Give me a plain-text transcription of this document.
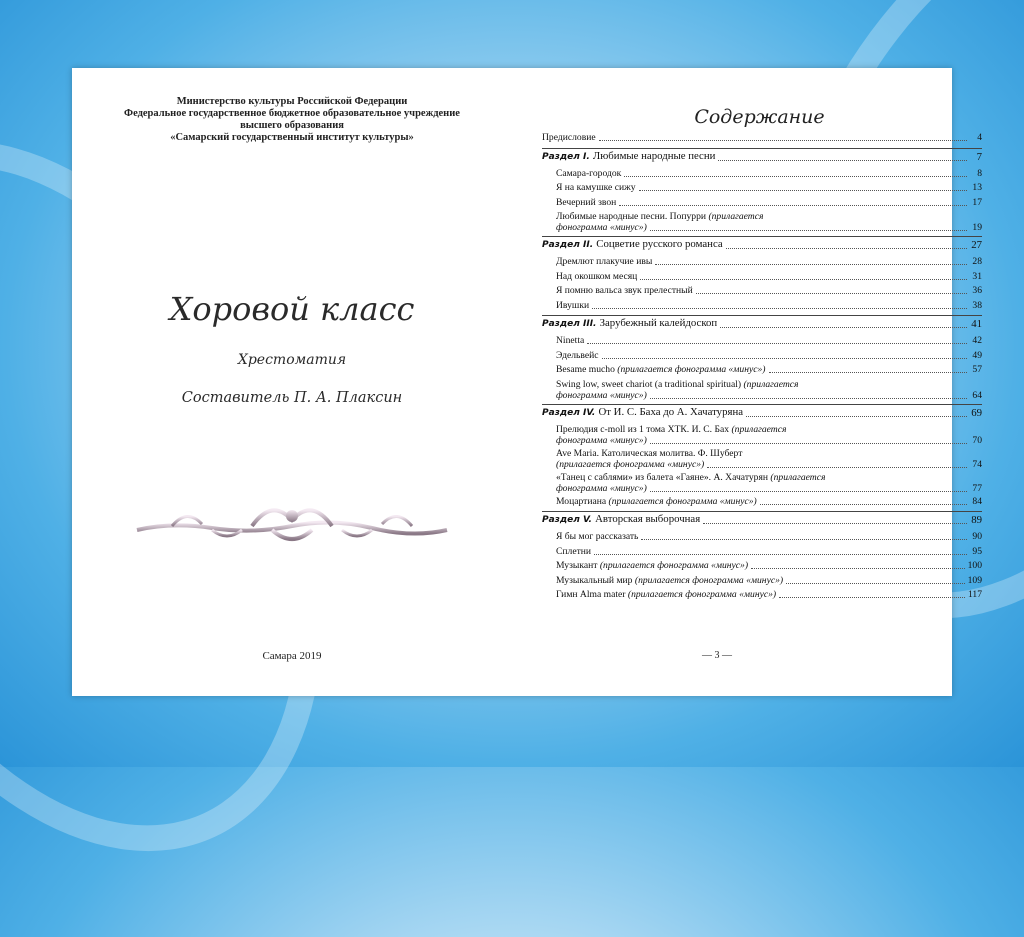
Министерство культуры Российской Федерации
Федеральное государственное бюджетное образовательное учреждение
высшего образования
«Самарский государственный институт культуры»
Хоровой класс
Хрестоматия
Составитель П. А. Плаксин
Самара 2019
Содержание
Предисловие	4
Раздел I. Любимые народные песни	7
Самара-городок	8
Я на камушке сижу	13
Вечерний звон	17
Любимые народные песни. Попурри (прилагается
фонограмма «минус»)	19
Раздел II. Соцветие русского романса	27
Дремлют плакучие ивы	28
Над окошком месяц	31
Я помню вальса звук прелестный	36
Ивушки	38
Раздел III. Зарубежный калейдоскоп	41
Ninetta	42
Эдельвейс	49
Besame mucho (прилагается фонограмма «минус»)	57
Swing low, sweet chariot (a traditional spiritual) (прилагается
фонограмма «минус»)	64
Раздел IV. От И. С. Баха до А. Хачатуряна	69
Прелюдия c-moll из 1 тома ХТК. И. С. Бах (прилагается
фонограмма «минус»)	70
Ave Maria. Католическая молитва. Ф. Шуберт
(прилагается фонограмма «минус»)	74
«Танец с саблями» из балета «Гаяне». А. Хачатурян (прилагается
фонограмма «минус»)	77
Моцартиана (прилагается фонограмма «минус»)	84
Раздел V. Авторская выборочная	89
Я бы мог рассказать	90
Сплетни	95
Музыкант (прилагается фонограмма «минус»)	100
Музыкальный мир (прилагается фонограмма «минус»)	109
Гимн Alma mater (прилагается фонограмма «минус»)	117
— 3 —
